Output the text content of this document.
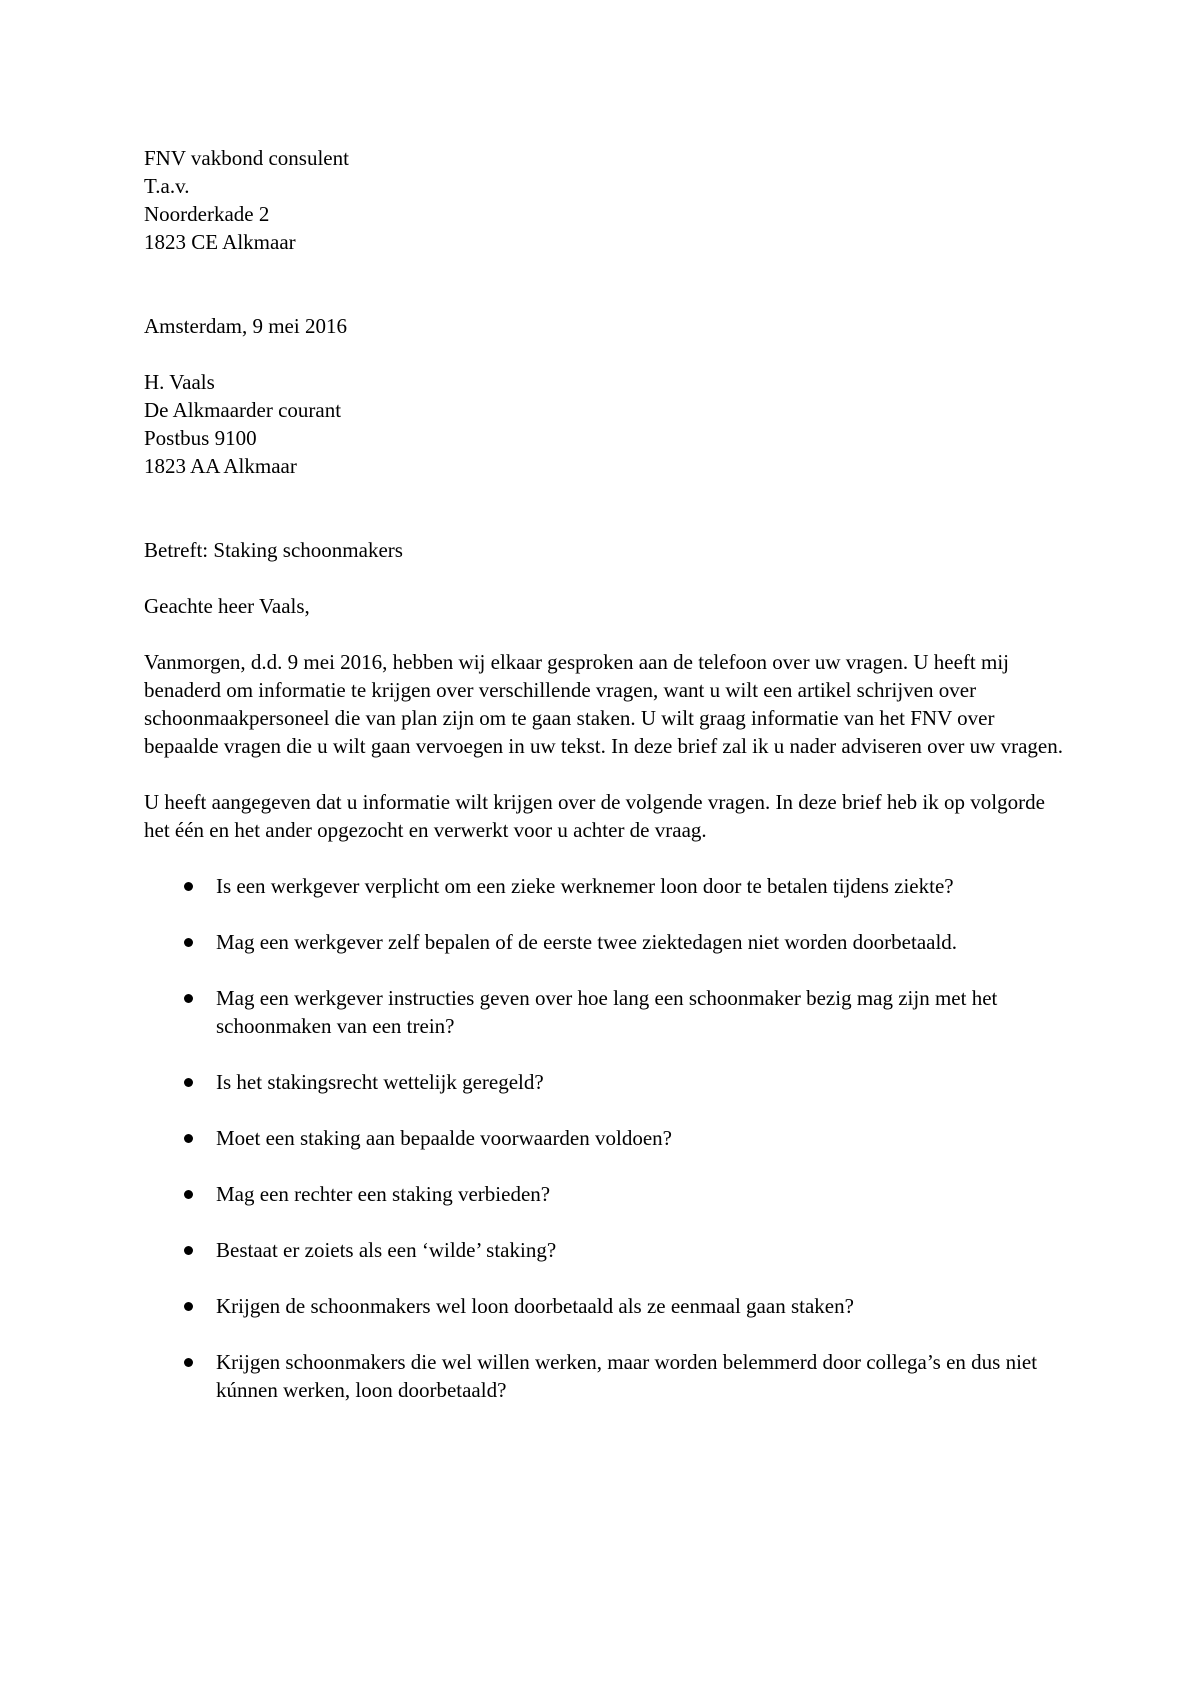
FNV vakbond consulent
T.a.v.
Noorderkade 2
1823 CE Alkmaar
Amsterdam, 9 mei 2016
H. Vaals
De Alkmaarder courant
Postbus 9100
1823 AA Alkmaar
Betreft: Staking schoonmakers
Geachte heer Vaals,

Vanmorgen, d.d. 9 mei 2016, hebben wij elkaar gesproken aan de telefoon over uw vragen. U heeft mij benaderd om informatie te krijgen over verschillende vragen, want u wilt een artikel schrijven over schoonmaakpersoneel die van plan zijn om te gaan staken. U wilt graag informatie van het FNV over bepaalde vragen die u wilt gaan vervoegen in uw tekst. In deze brief zal ik u nader adviseren over uw vragen.

U heeft aangegeven dat u informatie wilt krijgen over de volgende vragen. In deze brief heb ik op volgorde het één en het ander opgezocht en verwerkt voor u achter de vraag.

Is een werkgever verplicht om een zieke werknemer loon door te betalen tijdens ziekte?
Mag een werkgever zelf bepalen of de eerste twee ziektedagen niet worden doorbetaald.
Mag een werkgever instructies geven over hoe lang een schoonmaker bezig mag zijn met het schoonmaken van een trein?
Is het stakingsrecht wettelijk geregeld?
Moet een staking aan bepaalde voorwaarden voldoen?
Mag een rechter een staking verbieden?
Bestaat er zoiets als een ‘wilde’ staking?
Krijgen de schoonmakers wel loon doorbetaald als ze eenmaal gaan staken?
Krijgen schoonmakers die wel willen werken, maar worden belemmerd door collega’s en dus niet kúnnen werken, loon doorbetaald?
